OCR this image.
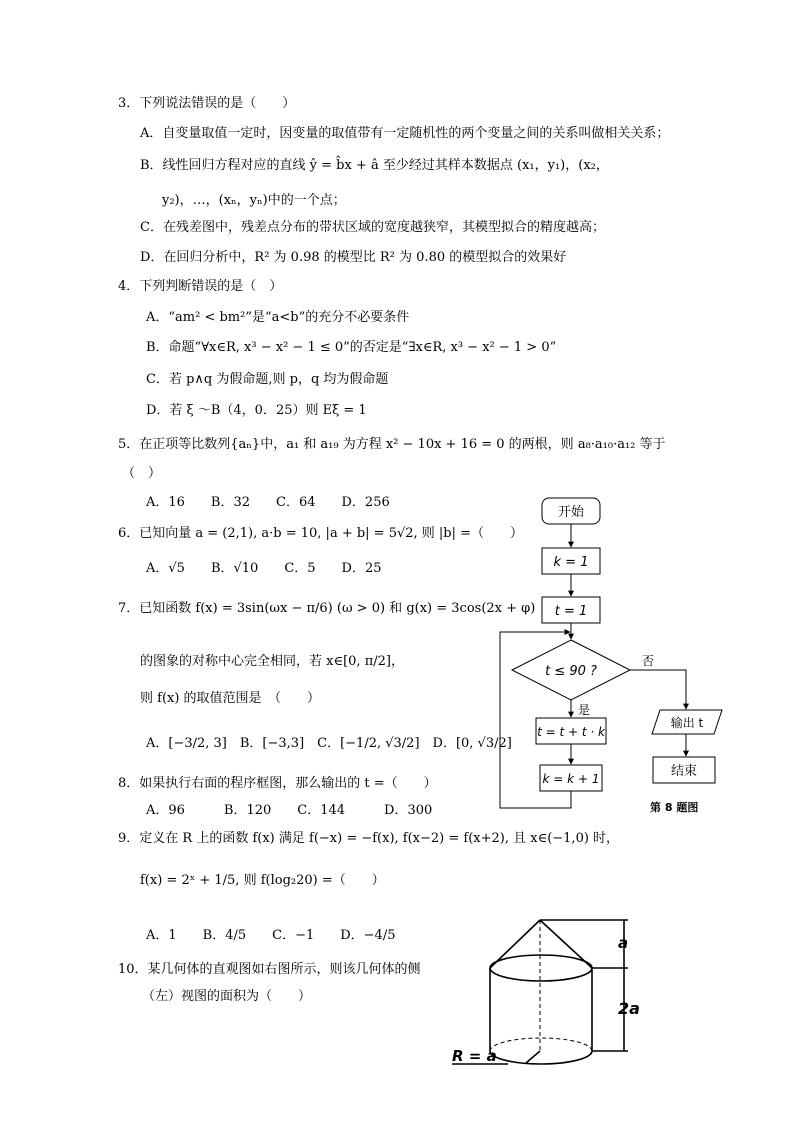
3．下列说法错误的是（　　）
A．自变量取值一定时，因变量的取值带有一定随机性的两个变量之间的关系叫做相关关系；
B．线性回归方程对应的直线 ŷ = b̂x + â 至少经过其样本数据点 (x₁，y₁)，(x₂，
y₂)，…，(xₙ，yₙ)中的一个点；
C．在残差图中，残差点分布的带状区域的宽度越狭窄，其模型拟合的精度越高；
D．在回归分析中，R² 为 0.98 的模型比 R² 为 0.80 的模型拟合的效果好
4．下列判断错误的是（　）
A．“am² < bm²”是“a<b”的充分不必要条件
B．命题“∀x∈R, x³ − x² − 1 ≤ 0”的否定是“∃x∈R, x³ − x² − 1 > 0”
C．若 p∧q 为假命题,则 p，q 均为假命题
D．若 ξ ～B（4，0．25）则 Eξ = 1
5．在正项等比数列{aₙ}中，a₁ 和 a₁₉ 为方程 x² − 10x + 16 = 0 的两根，则 a₈·a₁₀·a₁₂ 等于
（　）
A．16　　B．32　　C．64　　D．256
6．已知向量 a = (2,1), a·b = 10, |a + b| = 5√2, 则 |b| =（　　）
A．√5　　B．√10　　C．5　　D．25
7．已知函数 f(x) = 3sin(ωx − π/6) (ω > 0) 和 g(x) = 3cos(2x + φ)
的图象的对称中心完全相同，若 x∈[0, π/2]，
则 f(x) 的取值范围是　（　　）
A．[−3/2, 3]　B．[−3,3]　C．[−1/2, √3/2]　D．[0, √3/2]
8．如果执行右面的程序框图，那么输出的 t =（　　）
A．96　　　B．120　　C．144　　　D．300
9．定义在 R 上的函数 f(x) 满足 f(−x) = −f(x), f(x−2) = f(x+2), 且 x∈(−1,0) 时，
f(x) = 2ˣ + 1/5, 则 f(log₂20) =（　　）
A．1　　B．4/5　　C．−1　　D．−4/5
10．某几何体的直观图如右图所示，则该几何体的侧
（左）视图的面积为（　　）
开始
k = 1
t = 1
t ≤ 90 ?
是
否
t = t + t · k
k = k + 1
输出 t
结束
第 8 题图
a
2a
R = a
